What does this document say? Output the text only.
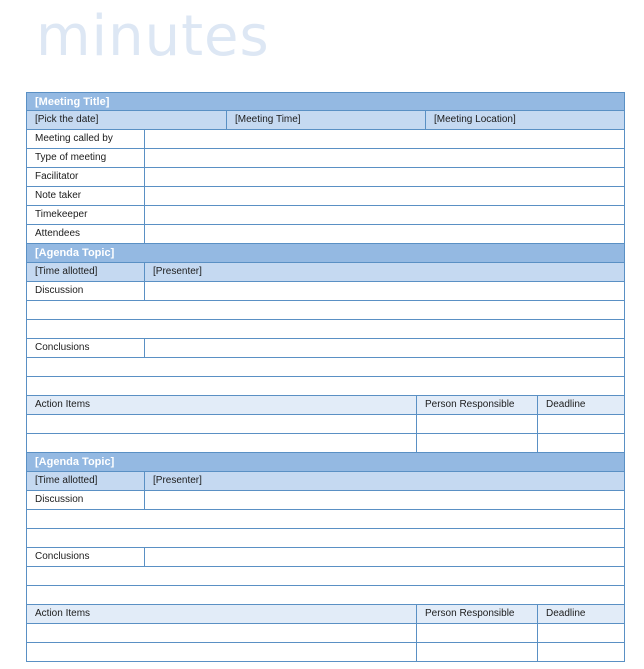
minutes
[Meeting Title]
[Pick the date]	[Meeting Time]	[Meeting Location]
Meeting called by
Type of meeting
Facilitator
Note taker
Timekeeper
Attendees
[Agenda Topic]
[Time allotted]	[Presenter]
Discussion
Conclusions
Action Items	Person Responsible	Deadline
[Agenda Topic]
[Time allotted]	[Presenter]
Discussion
Conclusions
Action Items	Person Responsible	Deadline
